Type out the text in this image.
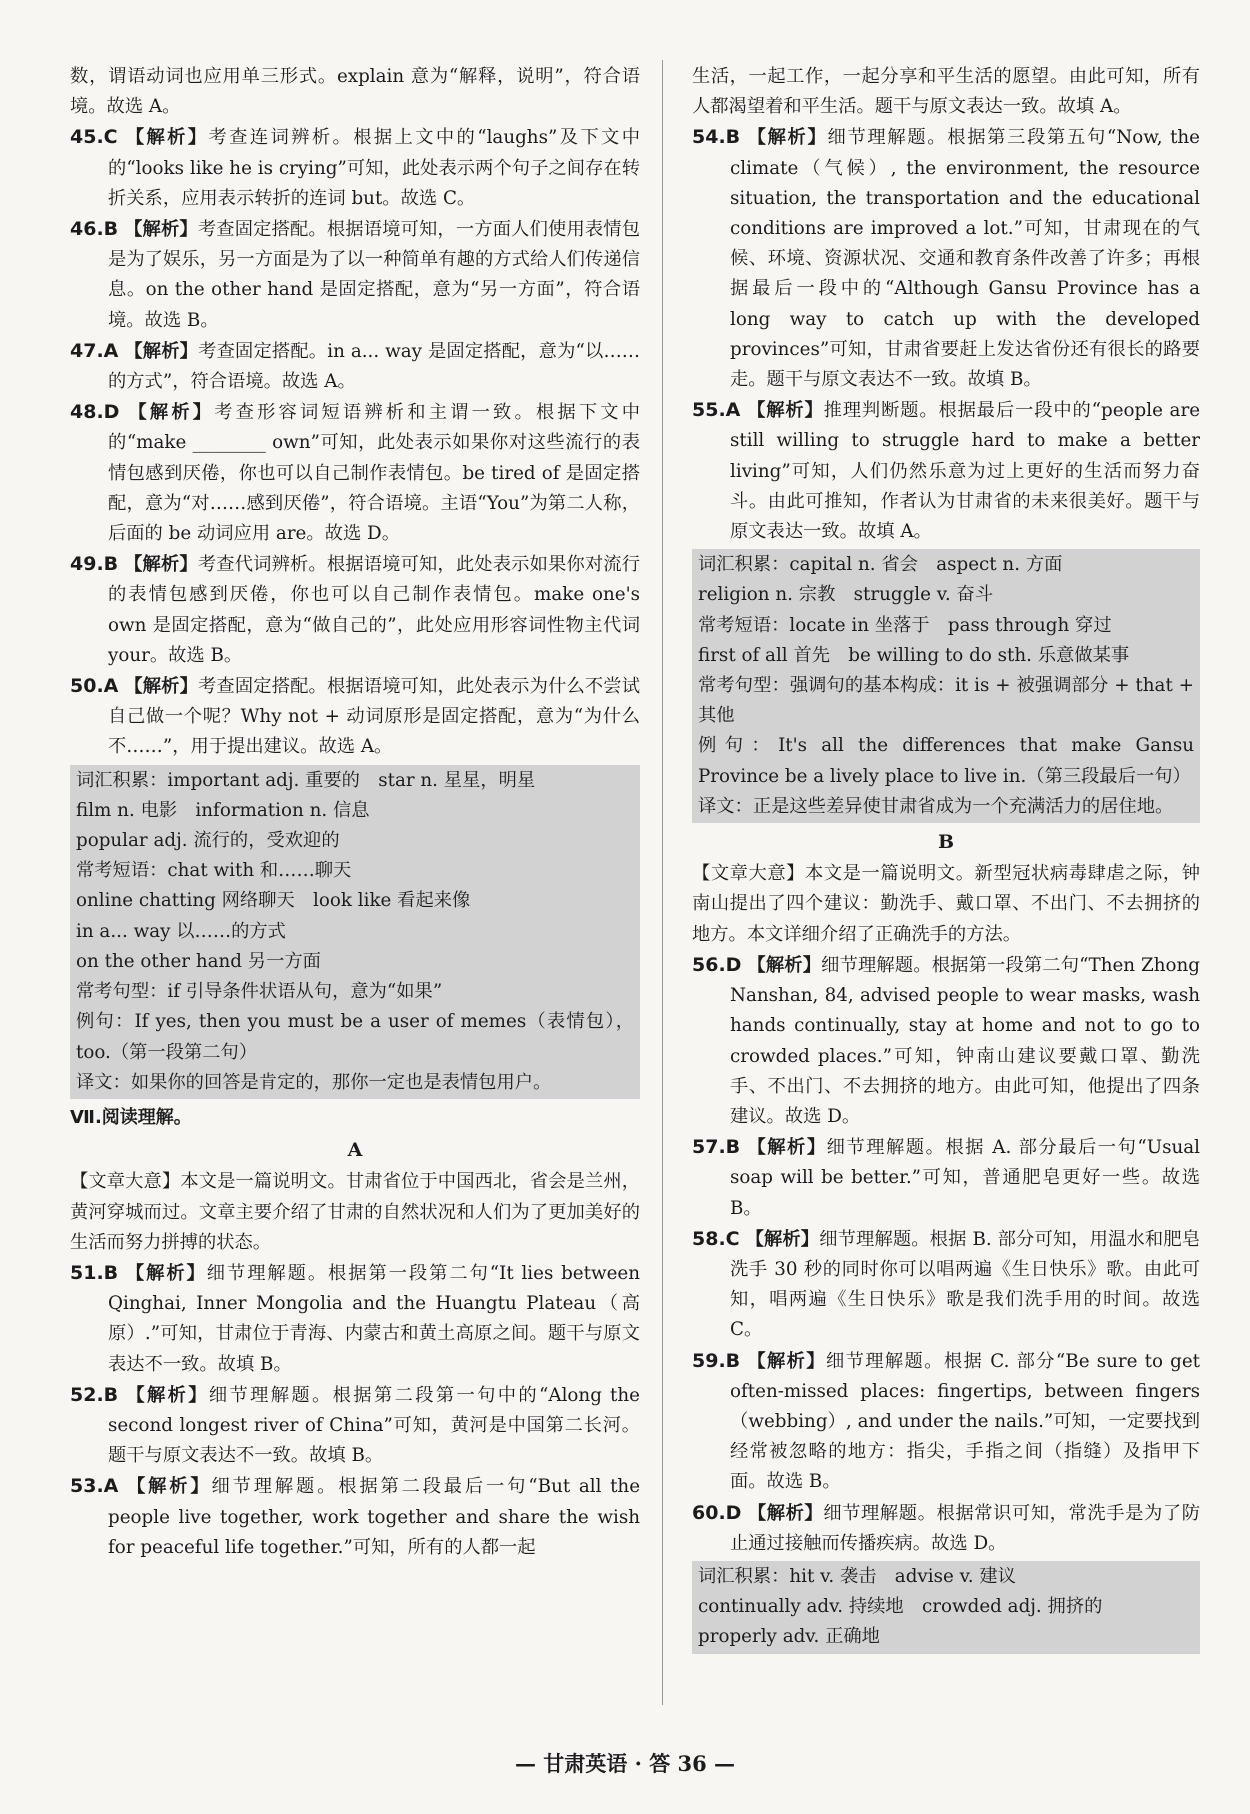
数，谓语动词也应用单三形式。explain 意为“解释，说明”，符合语境。故选 A。

45.C 【解析】考查连词辨析。根据上文中的“laughs”及下文中的“looks like he is crying”可知，此处表示两个句子之间存在转折关系，应用表示转折的连词 but。故选 C。

46.B 【解析】考查固定搭配。根据语境可知，一方面人们使用表情包是为了娱乐，另一方面是为了以一种简单有趣的方式给人们传递信息。on the other hand 是固定搭配，意为“另一方面”，符合语境。故选 B。

47.A 【解析】考查固定搭配。in a... way 是固定搭配，意为“以……的方式”，符合语境。故选 A。

48.D 【解析】考查形容词短语辨析和主谓一致。根据下文中的“make ________ own”可知，此处表示如果你对这些流行的表情包感到厌倦，你也可以自己制作表情包。be tired of 是固定搭配，意为“对……感到厌倦”，符合语境。主语“You”为第二人称，后面的 be 动词应用 are。故选 D。

49.B 【解析】考查代词辨析。根据语境可知，此处表示如果你对流行的表情包感到厌倦，你也可以自己制作表情包。make one's own 是固定搭配，意为“做自己的”，此处应用形容词性物主代词 your。故选 B。

50.A 【解析】考查固定搭配。根据语境可知，此处表示为什么不尝试自己做一个呢？Why not + 动词原形是固定搭配，意为“为什么不……”，用于提出建议。故选 A。

词汇积累：important adj. 重要的　star n. 星星，明星

film n. 电影　information n. 信息

popular adj. 流行的，受欢迎的

常考短语：chat with 和……聊天

online chatting 网络聊天　look like 看起来像

in a... way 以……的方式

on the other hand 另一方面

常考句型：if 引导条件状语从句，意为“如果”

例句：If yes, then you must be a user of memes（表情包），too.（第一段第二句）

译文：如果你的回答是肯定的，那你一定也是表情包用户。

Ⅶ.阅读理解。

A

【文章大意】本文是一篇说明文。甘肃省位于中国西北，省会是兰州，黄河穿城而过。文章主要介绍了甘肃的自然状况和人们为了更加美好的生活而努力拼搏的状态。

51.B 【解析】细节理解题。根据第一段第二句“It lies between Qinghai, Inner Mongolia and the Huangtu Plateau（高原）.”可知，甘肃位于青海、内蒙古和黄土高原之间。题干与原文表达不一致。故填 B。

52.B 【解析】细节理解题。根据第二段第一句中的“Along the second longest river of China”可知，黄河是中国第二长河。题干与原文表达不一致。故填 B。

53.A 【解析】细节理解题。根据第二段最后一句“But all the people live together, work together and share the wish for peaceful life together.”可知，所有的人都一起

生活，一起工作，一起分享和平生活的愿望。由此可知，所有人都渴望着和平生活。题干与原文表达一致。故填 A。

54.B 【解析】细节理解题。根据第三段第五句“Now, the climate（气候）, the environment, the resource situation, the transportation and the educational conditions are improved a lot.”可知，甘肃现在的气候、环境、资源状况、交通和教育条件改善了许多；再根据最后一段中的“Although Gansu Province has a long way to catch up with the developed provinces”可知，甘肃省要赶上发达省份还有很长的路要走。题干与原文表达不一致。故填 B。

55.A 【解析】推理判断题。根据最后一段中的“people are still willing to struggle hard to make a better living”可知，人们仍然乐意为过上更好的生活而努力奋斗。由此可推知，作者认为甘肃省的未来很美好。题干与原文表达一致。故填 A。

词汇积累：capital n. 省会　aspect n. 方面

religion n. 宗教　struggle v. 奋斗

常考短语：locate in 坐落于　pass through 穿过

first of all 首先　be willing to do sth. 乐意做某事

常考句型：强调句的基本构成：it is + 被强调部分 + that + 其他

例句：It's all the differences that make Gansu Province be a lively place to live in.（第三段最后一句）

译文：正是这些差异使甘肃省成为一个充满活力的居住地。

B

【文章大意】本文是一篇说明文。新型冠状病毒肆虐之际，钟南山提出了四个建议：勤洗手、戴口罩、不出门、不去拥挤的地方。本文详细介绍了正确洗手的方法。

56.D 【解析】细节理解题。根据第一段第二句“Then Zhong Nanshan, 84, advised people to wear masks, wash hands continually, stay at home and not to go to crowded places.”可知，钟南山建议要戴口罩、勤洗手、不出门、不去拥挤的地方。由此可知，他提出了四条建议。故选 D。

57.B 【解析】细节理解题。根据 A. 部分最后一句“Usual soap will be better.”可知，普通肥皂更好一些。故选 B。

58.C 【解析】细节理解题。根据 B. 部分可知，用温水和肥皂洗手 30 秒的同时你可以唱两遍《生日快乐》歌。由此可知，唱两遍《生日快乐》歌是我们洗手用的时间。故选 C。

59.B 【解析】细节理解题。根据 C. 部分“Be sure to get often-missed places: fingertips, between fingers（webbing）, and under the nails.”可知，一定要找到经常被忽略的地方：指尖，手指之间（指缝）及指甲下面。故选 B。

60.D 【解析】细节理解题。根据常识可知，常洗手是为了防止通过接触而传播疾病。故选 D。

词汇积累：hit v. 袭击　advise v. 建议

continually adv. 持续地　crowded adj. 拥挤的

properly adv. 正确地

— 甘肃英语 · 答 36 —
